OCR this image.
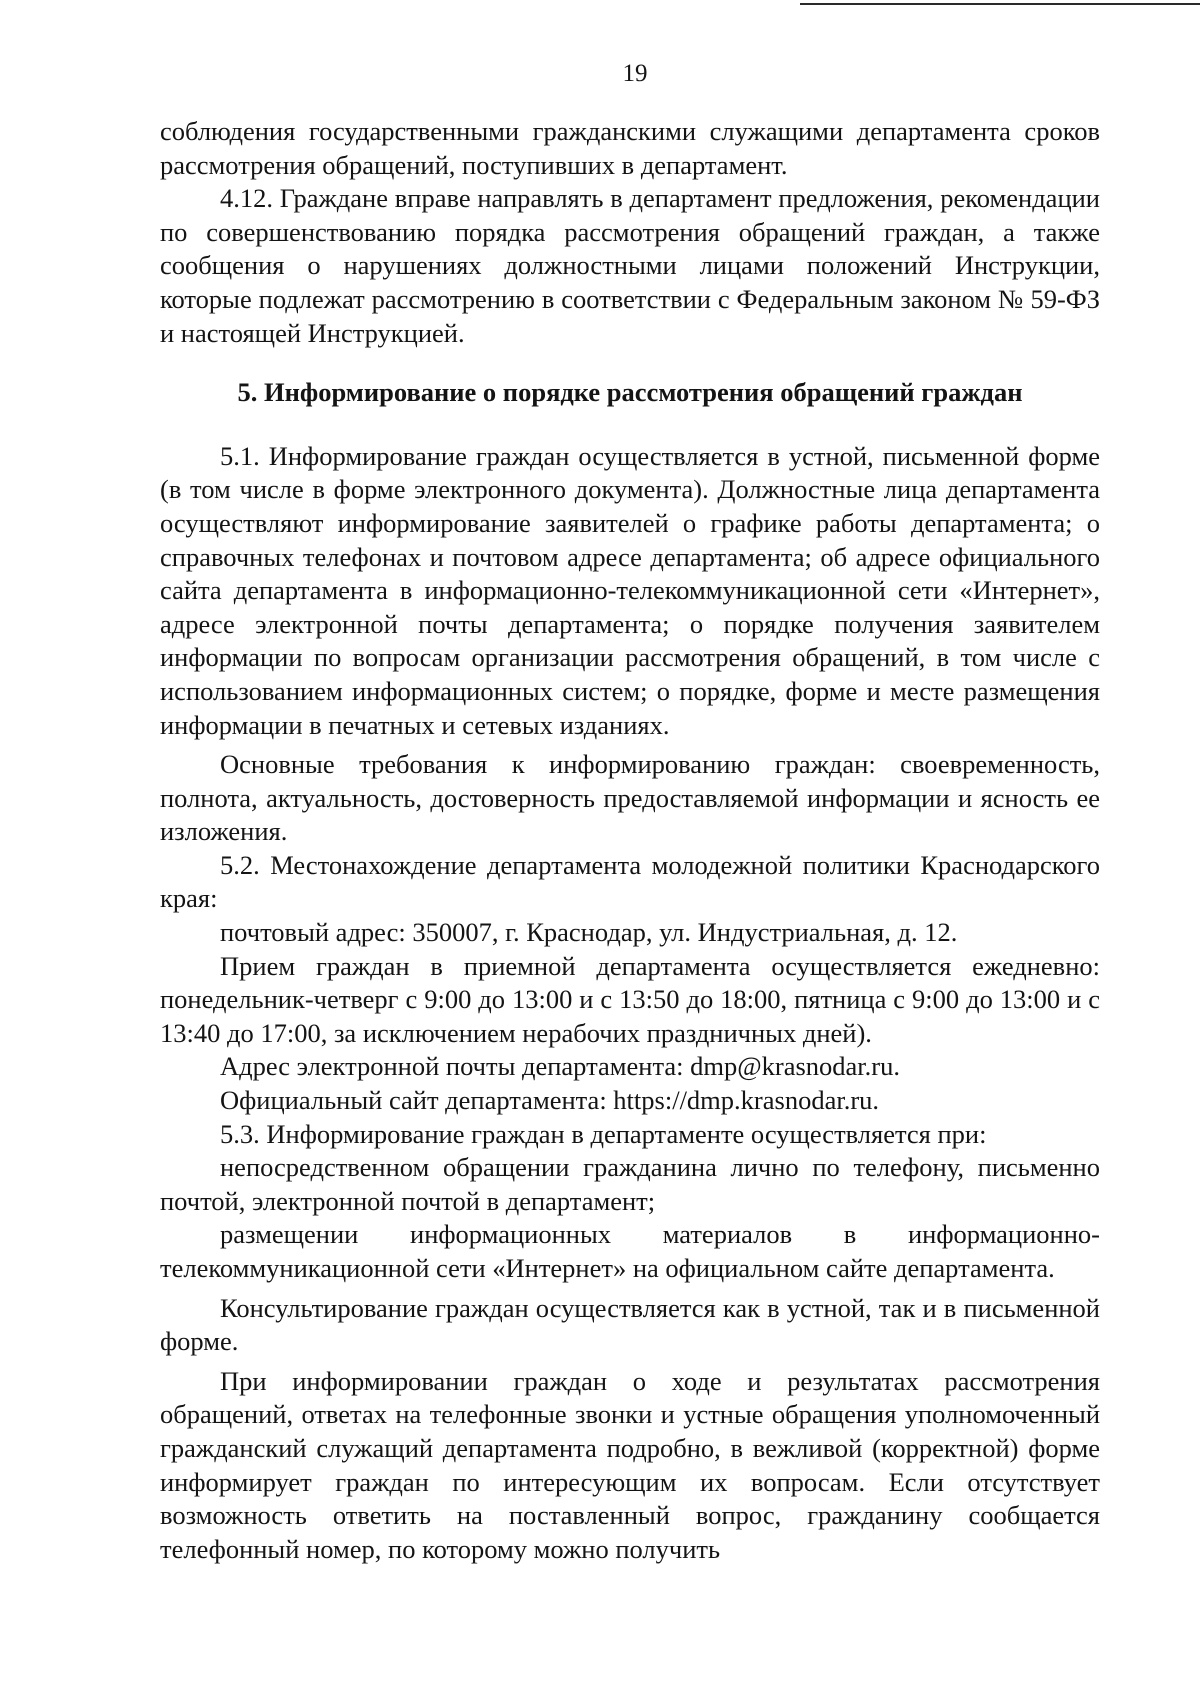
19

соблюдения государственными гражданскими служащими департамента сроков рассмотрения обращений, поступивших в департамент.

4.12. Граждане вправе направлять в департамент предложения, рекомендации по совершенствованию порядка рассмотрения обращений граждан, а также сообщения о нарушениях должностными лицами положений Инструкции, которые подлежат рассмотрению в соответствии с Федеральным законом № 59-ФЗ и настоящей Инструкцией.

5. Информирование о порядке рассмотрения обращений граждан

5.1. Информирование граждан осуществляется в устной, письменной форме (в том числе в форме электронного документа). Должностные лица департамента осуществляют информирование заявителей о графике работы департамента; о справочных телефонах и почтовом адресе департамента; об адресе официального сайта департамента в информационно-телекоммуникационной сети «Интернет», адресе электронной почты департамента; о порядке получения заявителем информации по вопросам организации рассмотрения обращений, в том числе с использованием информационных систем; о порядке, форме и месте размещения информации в печатных и сетевых изданиях.

Основные требования к информированию граждан: своевременность, полнота, актуальность, достоверность предоставляемой информации и ясность ее изложения.

5.2. Местонахождение департамента молодежной политики Краснодарского края:

почтовый адрес: 350007, г. Краснодар, ул. Индустриальная, д. 12.

Прием граждан в приемной департамента осуществляется ежедневно: понедельник-четверг с 9:00 до 13:00 и с 13:50 до 18:00, пятница с 9:00 до 13:00 и с 13:40 до 17:00, за исключением нерабочих праздничных дней).

Адрес электронной почты департамента: dmp@krasnodar.ru.

Официальный сайт департамента: https://dmp.krasnodar.ru.

5.3. Информирование граждан в департаменте осуществляется при:

непосредственном обращении гражданина лично по телефону, письменно почтой, электронной почтой в департамент;

размещении информационных материалов в информационно-телекоммуникационной сети «Интернет» на официальном сайте департамента.

Консультирование граждан осуществляется как в устной, так и в письменной форме.

При информировании граждан о ходе и результатах рассмотрения обращений, ответах на телефонные звонки и устные обращения уполномоченный гражданский служащий департамента подробно, в вежливой (корректной) форме информирует граждан по интересующим их вопросам. Если отсутствует возможность ответить на поставленный вопрос, гражданину сообщается телефонный номер, по которому можно получить
